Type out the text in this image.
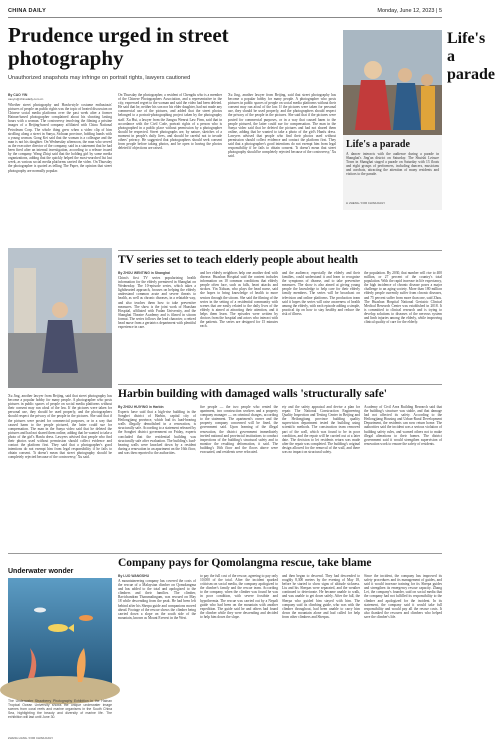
CHINA DAILY	Monday, June 12, 2023 | 5
Prudence urged in street photography
Unauthorized snapshots may infringe on portrait rights, lawyers cautioned
By CAO YIN
caoyin@chinadaily.com.cn
Whether street photography and Hanfu-style costume enthusiasts' pictures of people on public rights was the topic of heated discussion on Chinese social media platforms over the past week after a former Hainan-based photographer complained about his shooting lasting hours with a woman. The controversy involving the filming a pristine images of a Beijing-based company affiliated with China National Petroleum Corp. The whole thing grew when a video clip of him strolling along a street in Sanya, Sichuan province, holding hands with a young woman. Gong Kei said that the woman is a colleague and the man is not his daughter. On Wednesday afternoon, the man who served as the executive director of the company, said in a statement that he had been fired after an internal investigation, according to a release issued by the company. Wang Zhiqi said that the holding girl by some media organizations, adding that the quickly helped the most-searched list last week, as various social media platforms carried the video. On Thursday the photographer is quoted as telling The Paper, the opinion that street photography are normally popular.
On Thursday the photographer, a resident of Chengdu who is a member of the Chinese Photographers Association, and a representative in the city, expressed regret to the woman and said the video had been deleted. He said that he, neither his son nor his elder daughter, had not made any commercial use of the pictures, and added that the street photos belonged to a portrait-photographing project taken by the photography staff. Xu Hui, a lawyer from the Jiangsu Wenrui Law Firm, said that in accordance with the Civil Code, portrait rights of a person who is photographed in a public place without permission by a photographer should be respected. Street photographs are, by nature, sketches of a moment in people's daily lives, and should be careful not to invade others' privacy. He suggested that photographers should seek consent from people before taking photos, and be open to having the photos deleted if objections are raised.
Xu Jing, another lawyer from Beijing, said that street photography has become a popular hobby for many people. A photographer who posts pictures in public spaces of people on social media platforms without their consent may run afoul of the law. If the pictures were taken for personal use, they should be used properly, and the photographers should respect the privacy of the people in the pictures. She said that if the pictures were posted for commercial purposes, or in a way that caused harm to the people pictured, the latter could sue for compensation. The man in the Sanya video said that he deleted the pictures and had not shared them online, adding that he wanted to take a photo of the girl's Hanfu dress. Lawyers advised that people who find their photos used without permission should collect evidence and contact the platform first. They said that a photographer's good intentions do not exempt him from legal responsibility if he fails to obtain consent. 'It doesn't mean that street photography should be completely rejected because of the controversy,' Xu said.
Life's a parade
A dancer interacts with the audience during a parade in Shanghai's Jing'an district on Saturday. The Shuishi Leisure Town in Shanghai staged a parade on Saturday with 13 floats and eight groups of performers, including dancers, musicians and acrobats, attracting the attention of many residents and visitors to the parade.
LI ZHENG / FOR CHINA DAILY
Life's a parade
TV series set to teach elderly people about health
By ZHOU WENTING in Shanghai
China's first TV series popularizing health information for the elderly premiered in Shanghai on Wednesday. The 10-episode series, which takes a lighthearted approach, focuses on helping the elderly understand common acute and severe threats to health, as well as chronic diseases, in a relatable way, and also teaches them how to take preventive measures. The show is the joint work of Huashan Hospital, affiliated with Fudan University, and the Shanghai Theatre Academy and is filmed in sitcom format. The series follows the lead character, a retired head nurse from a geriatrics department with plentiful experience in care.
and her elderly neighbors help one another deal with disease. Huashan Hospital said the content includes information on 10 common conditions that elderly people often face, such as falls, heart attacks and strokes. Yin Xiduan, who plays the head nurse, said she hopes to bring knowledge of health to more seniors through the sitcom. She said the filming of the series in the setting of a residential community with scenes that are easily related to the daily lives of the elderly is aimed at attracting their attention, and it helps them learn. The episodes were written by doctors from the hospital and actors who interact with the patients. The series are designed for 15 minutes each.
and the audience, especially the elderly and their families, could understand it and learn to recognize the symptoms of disease, and to take preventive measures. The show is also aimed at giving young people the knowledge to help care for their elderly family members. The series will be broadcast on television and online platforms. The production team said it hopes the series will raise awareness of health among the elderly, with each episode adding a simple, practical tip on how to stay healthy and reduce the risk of illness.
the population. By 2030, that number will rise to 400 million, or 27 percent of the country's total population. With the rapid increase in life expectancy, the high incidence of chronic disease poses a major challenge to an aging society. More than 180 million elderly people currently suffer from chronic diseases, and 75 percent suffer from more than one, said Zhou. The Huashan Hospital National Geriatric Clinical Medical Research Center was established in 2018. It is committed to clinical research and is trying to develop solutions to diseases of the nervous system and limb injuries among the elderly, while improving clinical quality of care for the elderly.
Harbin building with damaged walls 'structurally safe'
By ZHOU HUIYING in Harbin
Experts have said that a high-rise building in the Songbei district of Harbin, capital city of Heilongjiang province, which had its load-bearing walls illegally demolished in a renovation, is structurally safe. According to a statement released by the Songbei district government on Friday, experts concluded that the residential building was structurally safe after evaluation. The building's load-bearing walls were knocked down by a resident during a renovation in an apartment on the 16th floor, and was then reported to the authorities.
fire people — the two people who rented the apartment, two construction workers and a property company manager — on criminal charges, according to the statement. The apartment's owner and the property company concerned will be fined, the government said. Upon learning of the illegal renovation, the district government immediately invited national and provincial institutions to conduct inspections of the building's structural safety and to monitor the resulting deformation, it said. The building's 16th floor and the floors above were evacuated, and residents were relocated.
ety and the safety appraisal and devise a plan for repair. The National Construction Engineering Quality Inspection and Testing Center in Beijing and the Heilongjiang province building quality supervision department tested the building using scientific methods. The construction team removed part of the wall, which was found to be in poor condition, and the repair will be carried out at a later date. The decision to let residents return was made after the repair was completed. The building's original design allowed for the removal of the wall, and there was no impact on structural safety.
Academy of Civil Area Building Research said that the building's structure was stable, and that damage had not affected its safety. According to the Heilongjiang Housing and Urban-Rural Development Department, the residents can now return home. The authorities said the incident was a serious violation of building safety rules, and warned others not to make illegal alterations to their homes. The district government said it would strengthen supervision of renovation work to ensure the safety of residents.
Xu Jing, another lawyer from Beijing, said that street photography has become a popular hobby for many people. A photographer who posts pictures in public spaces of people on social media platforms without their consent may run afoul of the law. If the pictures were taken for personal use, they should be used properly, and the photographers should respect the privacy of the people in the pictures. She said that if the pictures were posted for commercial purposes, or in a way that caused harm to the people pictured, the latter could sue for compensation. The man in the Sanya video said that he deleted the pictures and had not shared them online, adding that he wanted to take a photo of the girl's Hanfu dress. Lawyers advised that people who find their photos used without permission should collect evidence and contact the platform first. They said that a photographer's good intentions do not exempt him from legal responsibility if he fails to obtain consent. 'It doesn't mean that street photography should be completely rejected because of the controversy,' Xu said.
Company pays for Qomolangma rescue, take blame
By LUO WANGSHU
A mountaineering company has covered the costs of the rescue of a Malaysian climber on Qomolangma and has added to the total and apologized to the climbers and their families. The climber, Ravichandran Tharumalingam, was rescued on May 18 while descending from the peak. He had been left behind after his Sherpa guide and companions moved ahead. Footage of the rescue shows the climber being carried down a slope on the south side of the mountain, known as Mount Everest in the West.
to pay the full cost of the rescue, agreeing to pay only 10,000 of the total. After the incident sparked criticism on social media, the company apologized to the climber's family and the rescue team. According to the company, when the climber was found he was in poor condition, with severe frostbite and hypothermia. The rescue was carried out by a Nepali guide who had been on the mountain with another expedition. The guide said he and others had found the climber while they were descending and decided to help him down the slope.
and then began to descend. They had descended to roughly 8,300 meters by the evening of May 18, before he started to show signs of altitude sickness. Liu and his Sherpas were separated, and the weather continued to deteriorate. He became unable to walk, and was unable to get down safely. After the fall, the Sherpa who guided him stayed with him. The company said its climbing guide, who was with the climber throughout, had been unable to carry him down the mountain alone and had called for help from other climbers and Sherpas.
Since the incident, the company has improved its safety procedures and its management of guides, and said it would increase training for its Sherpa guides and strengthen its emergency rescue capacity. Zhang Lei, the company's founder, said on social media that the company had not fulfilled its responsibility to the climber and apologized for the incident. In its statement, the company said it would take full responsibility and would pay all the rescue costs. It also thanked the rescuers and climbers who helped save the climber's life.
Underwater wonder
The Underwater Strawberry Photography Exhibition in the Hainan Tropical Ocean University shows the unique underwater image scenes from coral reefs and marine organisms in the South China Sea, highlighting the beauty and diversity of marine life. The exhibition will last until June 30.
ZHANG LIANG / FOR CHINA DAILY
